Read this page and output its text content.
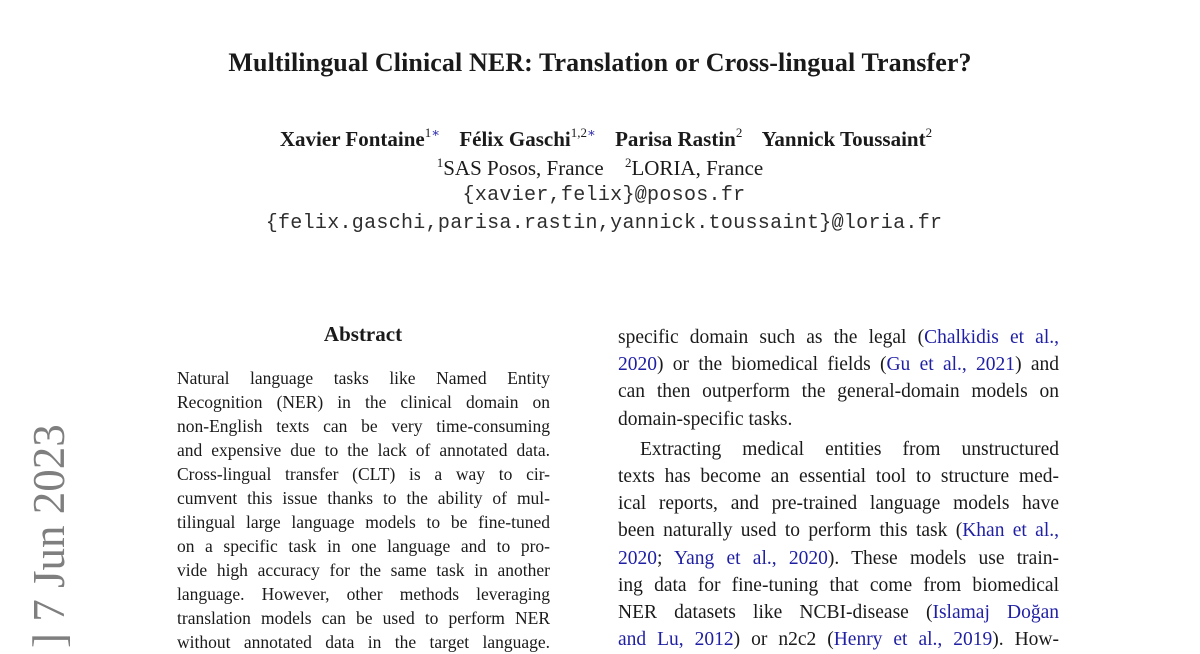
Multilingual Clinical NER: Translation or Cross-lingual Transfer?
Xavier Fontaine$^{1∗}$ Félix Gaschi$^{1,2∗}$ Parisa Rastin$^2$ Yannick Toussaint$^2$
$^1$SAS Posos, France $^2$LORIA, France
{xavier,felix}@posos.fr
{felix.gaschi,parisa.rastin,yannick.toussaint}@loria.fr
] 7 Jun 2023
Abstract
Natural language tasks like Named Entity
Recognition (NER) in the clinical domain on
non-English texts can be very time-consuming
and expensive due to the lack of annotated data.
Cross-lingual transfer (CLT) is a way to cir-
cumvent this issue thanks to the ability of mul-
tilingual large language models to be fine-tuned
on a specific task in one language and to pro-
vide high accuracy for the same task in another
language. However, other methods leveraging
translation models can be used to perform NER
without annotated data in the target language.
specific domain such as the legal (Chalkidis et al.,
2020) or the biomedical fields (Gu et al., 2021) and
can then outperform the general-domain models on
domain-specific tasks.
Extracting medical entities from unstructured
texts has become an essential tool to structure med-
ical reports, and pre-trained language models have
been naturally used to perform this task (Khan et al.,
2020; Yang et al., 2020). These models use train-
ing data for fine-tuning that come from biomedical
NER datasets like NCBI-disease (Islamaj Doğan
and Lu, 2012) or n2c2 (Henry et al., 2019). How-
